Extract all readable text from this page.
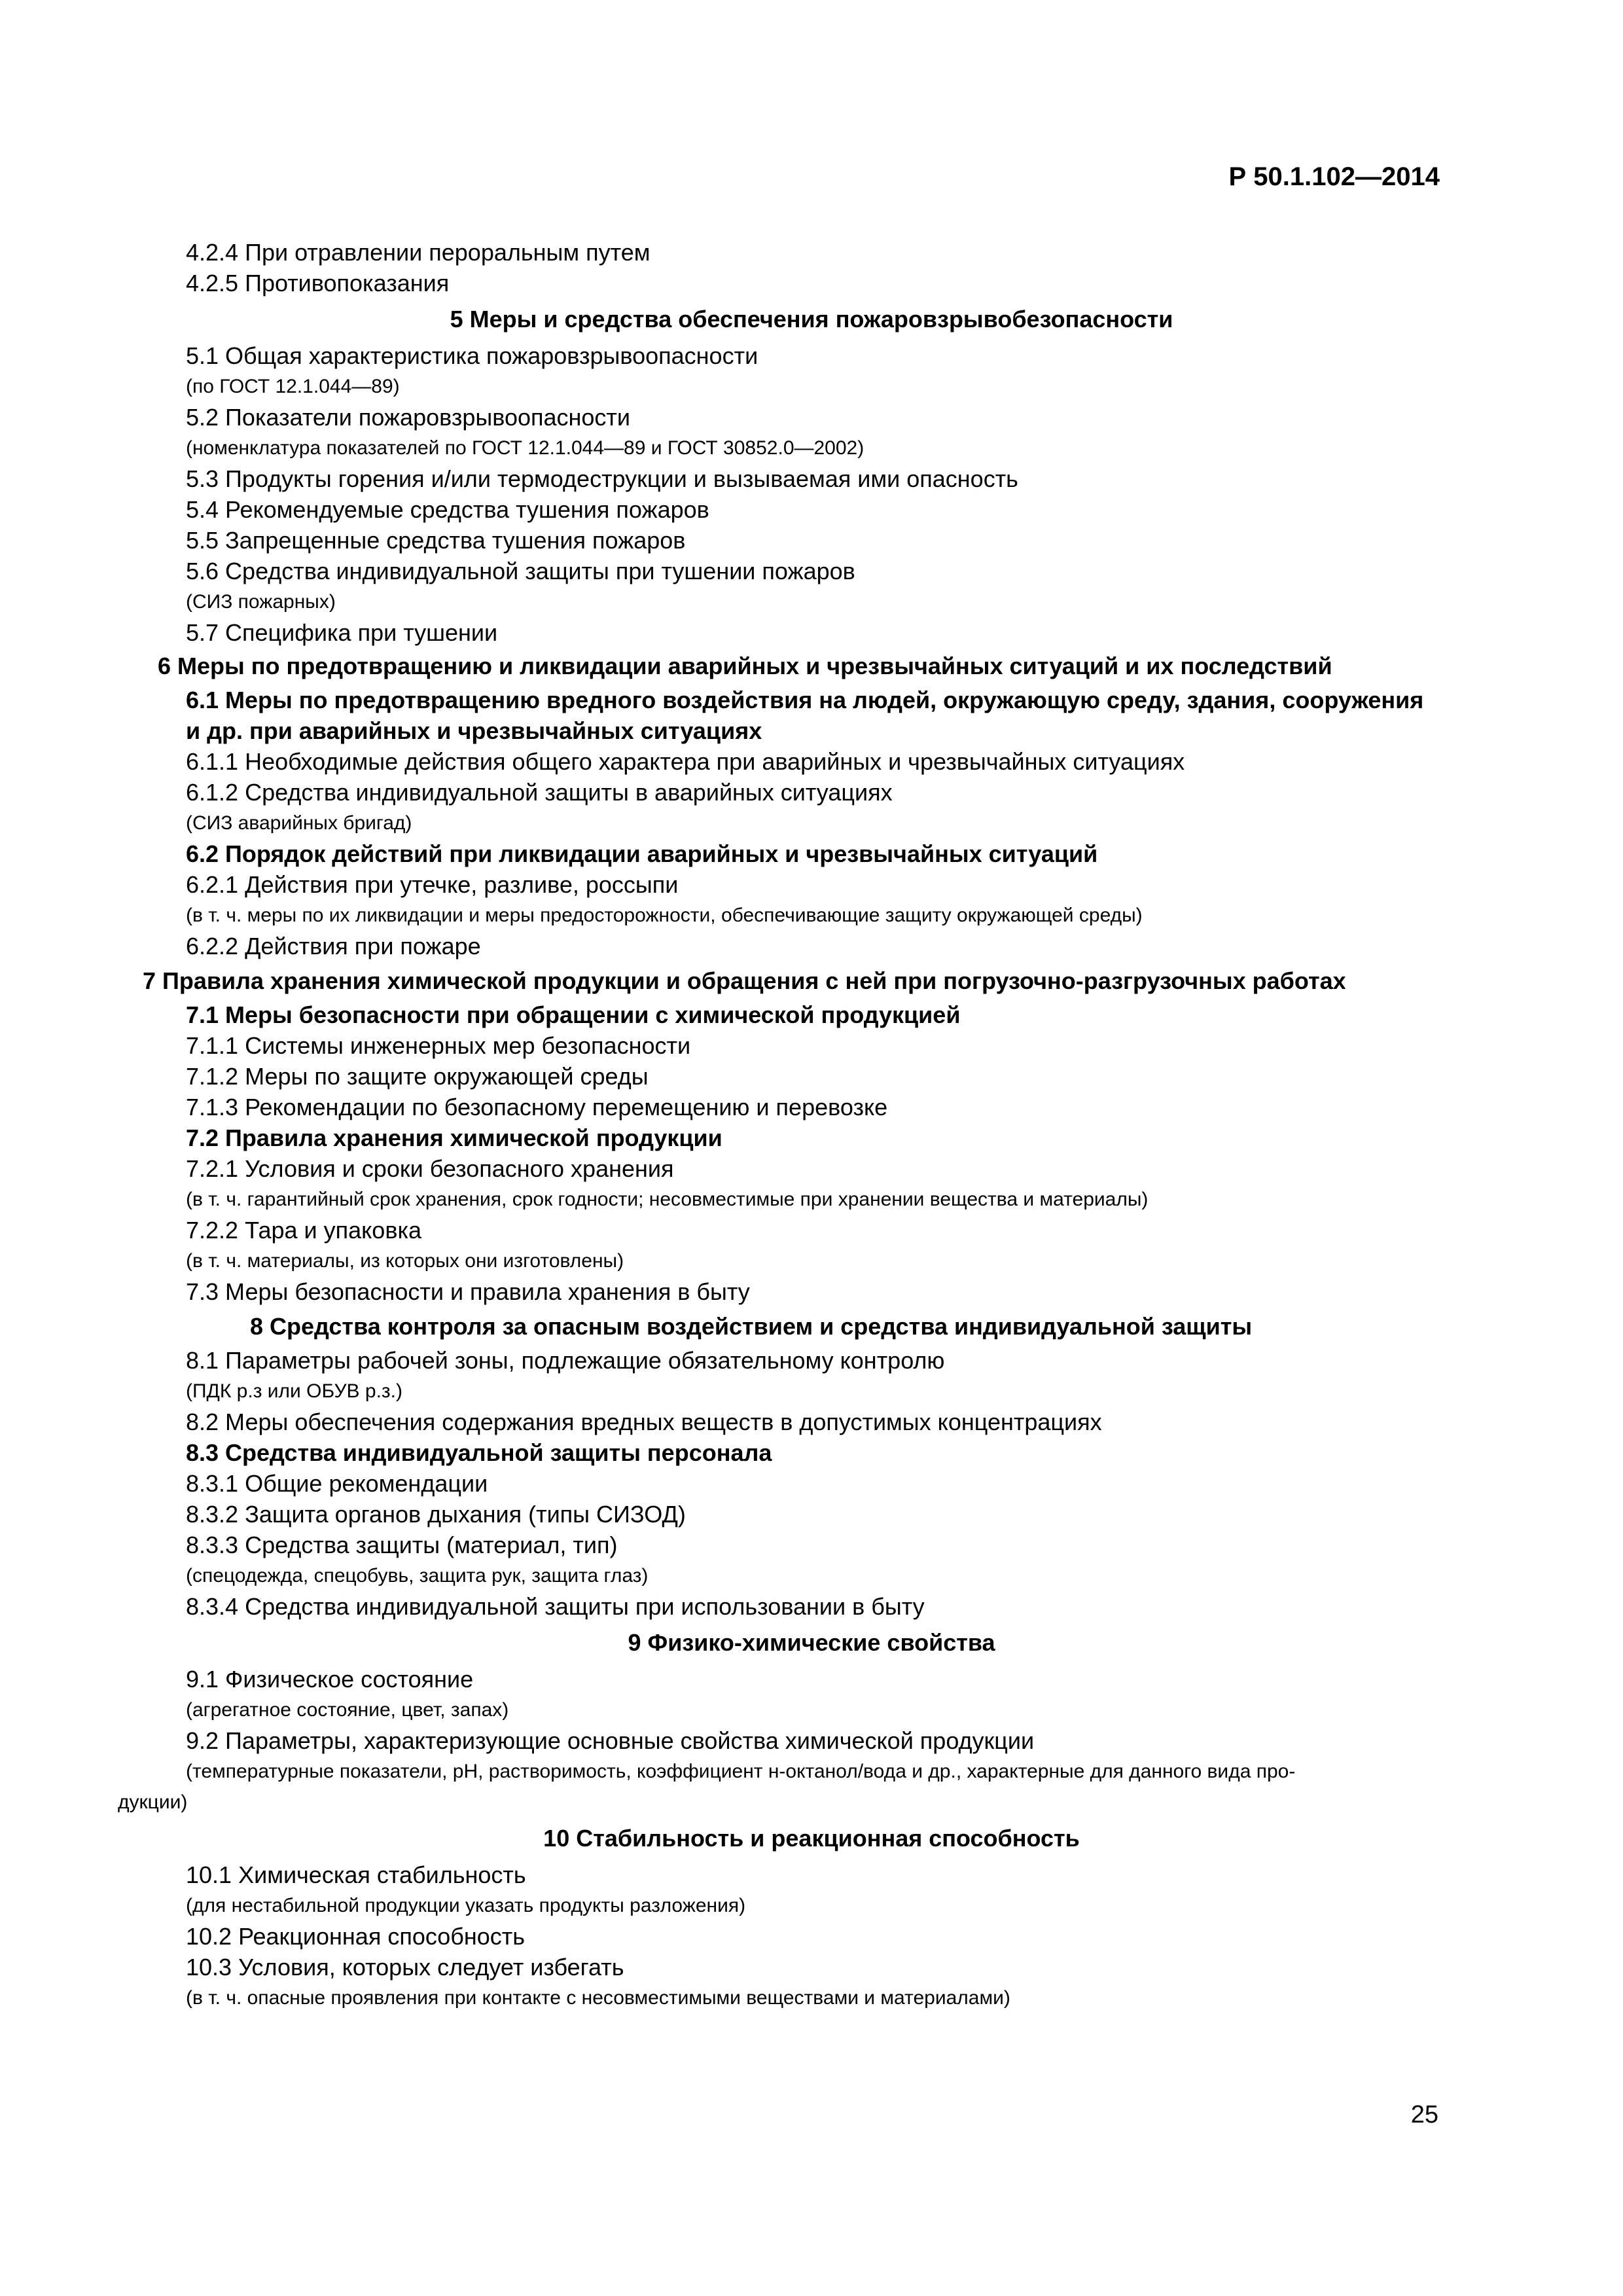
Р 50.1.102—2014
4.2.4 При отравлении пероральным путем
4.2.5 Противопоказания
5 Меры и средства обеспечения пожаровзрывобезопасности
5.1 Общая характеристика пожаровзрывоопасности
(по ГОСТ 12.1.044—89)
5.2 Показатели пожаровзрывоопасности
(номенклатура показателей по ГОСТ 12.1.044—89 и ГОСТ 30852.0—2002)
5.3 Продукты горения и/или термодеструкции и вызываемая ими опасность
5.4 Рекомендуемые средства тушения пожаров
5.5 Запрещенные средства тушения пожаров
5.6 Средства индивидуальной защиты при тушении пожаров
(СИЗ пожарных)
5.7 Специфика при тушении
6 Меры по предотвращению и ликвидации аварийных и чрезвычайных ситуаций и их последствий
6.1 Меры по предотвращению вредного воздействия на людей, окружающую среду, здания, сооружения и др. при аварийных и чрезвычайных ситуациях
6.1.1 Необходимые действия общего характера при аварийных и чрезвычайных ситуациях
6.1.2 Средства индивидуальной защиты в аварийных ситуациях
(СИЗ аварийных бригад)
6.2 Порядок действий при ликвидации аварийных и чрезвычайных ситуаций
6.2.1 Действия при утечке, разливе, россыпи
(в т. ч. меры по их ликвидации и меры предосторожности, обеспечивающие защиту окружающей среды)
6.2.2 Действия при пожаре
7 Правила хранения химической продукции и обращения с ней при погрузочно-разгрузочных работах
7.1 Меры безопасности при обращении с химической продукцией
7.1.1 Системы инженерных мер безопасности
7.1.2 Меры по защите окружающей среды
7.1.3 Рекомендации по безопасному перемещению и перевозке
7.2 Правила хранения химической продукции
7.2.1 Условия и сроки безопасного хранения
(в т. ч. гарантийный срок хранения, срок годности; несовместимые при хранении вещества и материалы)
7.2.2 Тара и упаковка
(в т. ч. материалы, из которых они изготовлены)
7.3 Меры безопасности и правила хранения в быту
8 Средства контроля за опасным воздействием и средства индивидуальной защиты
8.1 Параметры рабочей зоны, подлежащие обязательному контролю
(ПДК р.з или ОБУВ р.з.)
8.2 Меры обеспечения содержания вредных веществ в допустимых концентрациях
8.3 Средства индивидуальной защиты персонала
8.3.1 Общие рекомендации
8.3.2 Защита органов дыхания (типы СИЗОД)
8.3.3 Средства защиты (материал, тип)
(спецодежда, спецобувь, защита рук, защита глаз)
8.3.4 Средства индивидуальной защиты при использовании в быту
9 Физико-химические свойства
9.1 Физическое состояние
(агрегатное состояние, цвет, запах)
9.2 Параметры, характеризующие основные свойства химической продукции
(температурные показатели, pH, растворимость, коэффициент н-октанол/вода и др., характерные для данного вида про-
дукции)
10 Стабильность и реакционная способность
10.1 Химическая стабильность
(для нестабильной продукции указать продукты разложения)
10.2 Реакционная способность
10.3 Условия, которых следует избегать
(в т. ч. опасные проявления при контакте с несовместимыми веществами и материалами)
25
